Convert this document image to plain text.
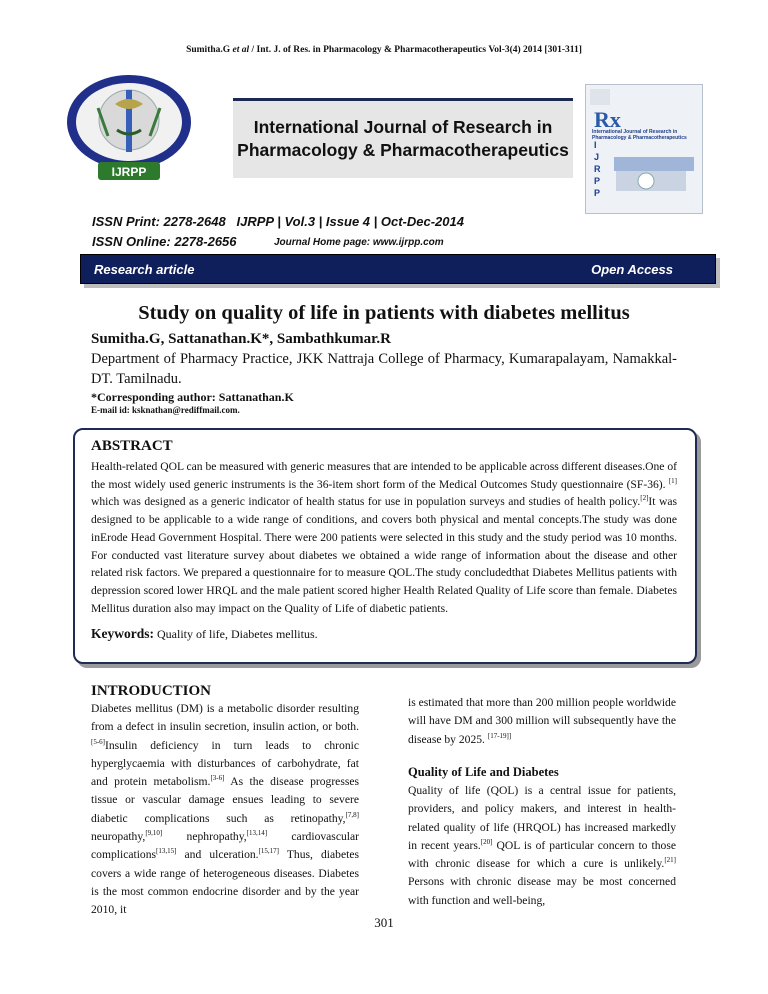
Sumitha.G et al / Int. J. of Res. in Pharmacology & Pharmacotherapeutics Vol-3(4) 2014 [301-311]
IJRPP
International Journal of Research in Pharmacology & Pharmacotherapeutics
Rx
International Journal of Research in Pharmacology & Pharmacotherapeutics
IJRPP
ISSN Print: 2278-2648 IJRPP | Vol.3 | Issue 4 | Oct-Dec-2014
ISSN Online: 2278-2656	Journal Home page: www.ijrpp.com
Research article	Open Access
Study on quality of life in patients with diabetes mellitus
Sumitha.G, Sattanathan.K*, Sambathkumar.R
Department of Pharmacy Practice, JKK Nattraja College of Pharmacy, Kumarapalayam, Namakkal-DT. Tamilnadu.
*Corresponding author: Sattanathan.K
E-mail id: ksknathan@rediffmail.com.
ABSTRACT
Health-related QOL can be measured with generic measures that are intended to be applicable across different diseases.One of the most widely used generic instruments is the 36-item short form of the Medical Outcomes Study questionnaire (SF-36). [1] which was designed as a generic indicator of health status for use in population surveys and studies of health policy.[2]It was designed to be applicable to a wide range of conditions, and covers both physical and mental concepts.The study was done inErode Head Government Hospital. There were 200 patients were selected in this study and the study period was 10 months. For conducted vast literature survey about diabetes we obtained a wide range of information about the disease and other related risk factors. We prepared a questionnaire for to measure QOL.The study concludedthat Diabetes Mellitus patients with depression scored lower HRQL and the male patient scored higher Health Related Quality of Life score than female. Diabetes Mellitus duration also may impact on the Quality of Life of diabetic patients.
Keywords: Quality of life, Diabetes mellitus.
INTRODUCTION
Diabetes mellitus (DM) is a metabolic disorder resulting from a defect in insulin secretion, insulin action, or both.[5-6]Insulin deficiency in turn leads to chronic hyperglycaemia with disturbances of carbohydrate, fat and protein metabolism.[3-6] As the disease progresses tissue or vascular damage ensues leading to severe diabetic complications such as retinopathy,[7,8] neuropathy,[9,10] nephropathy,[13,14] cardiovascular complications[13,15] and ulceration.[15,17] Thus, diabetes covers a wide range of heterogeneous diseases. Diabetes is the most common endocrine disorder and by the year 2010, it
is estimated that more than 200 million people worldwide will have DM and 300 million will subsequently have the disease by 2025. [17-19]]
Quality of Life and Diabetes
Quality of life (QOL) is a central issue for patients, providers, and policy makers, and interest in health-related quality of life (HRQOL) has increased markedly in recent years.[20] QOL is of particular concern to those with chronic disease for which a cure is unlikely.[21] Persons with chronic disease may be most concerned with function and well-being,
301
